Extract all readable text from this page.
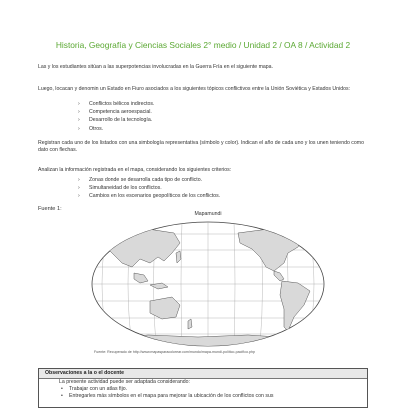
Historia, Geografía y Ciencias Sociales 2° medio / Unidad 2 / OA 8 / Actividad 2
Las y los estudiantes sitúan a las superpotencias involucradas en la Guerra Fría en el siguiente mapa.
Luego, locacan y denomin un Estado en Fiuro asociados a los siguientes tópicos conflictivos entre la Unión Soviética y Estados Unidos:
› Conflictos bélicos indirectos.
› Competencia aeroespacial.
› Desarrollo de la tecnología.
› Otros.
Registran cada uno de los listados con una simbología representativa (símbolo y color). Indican el año de cada uno y los unen teniendo como dato con flechas.
Analizan la información registrada en el mapa, considerando los siguientes criterios:
› Zonas donde se desarrolla cada tipo de conflicto.
› Simultaneidad de los conflictos.
› Cambios en los escenarios geopolíticos de los conflictos.
Fuente 1:
Mapamundi
Fuente: Recuperado de http://www.mapasparacolorear.com/mundo/mapa-mundi-político-pacífico.php
Observaciones a la o el docente
La presente actividad puede ser adaptada considerando:
• Trabajar con un atlas fijo.
• Entregarles más símbolos en el mapa para mejorar la ubicación de los conflictos con sus
